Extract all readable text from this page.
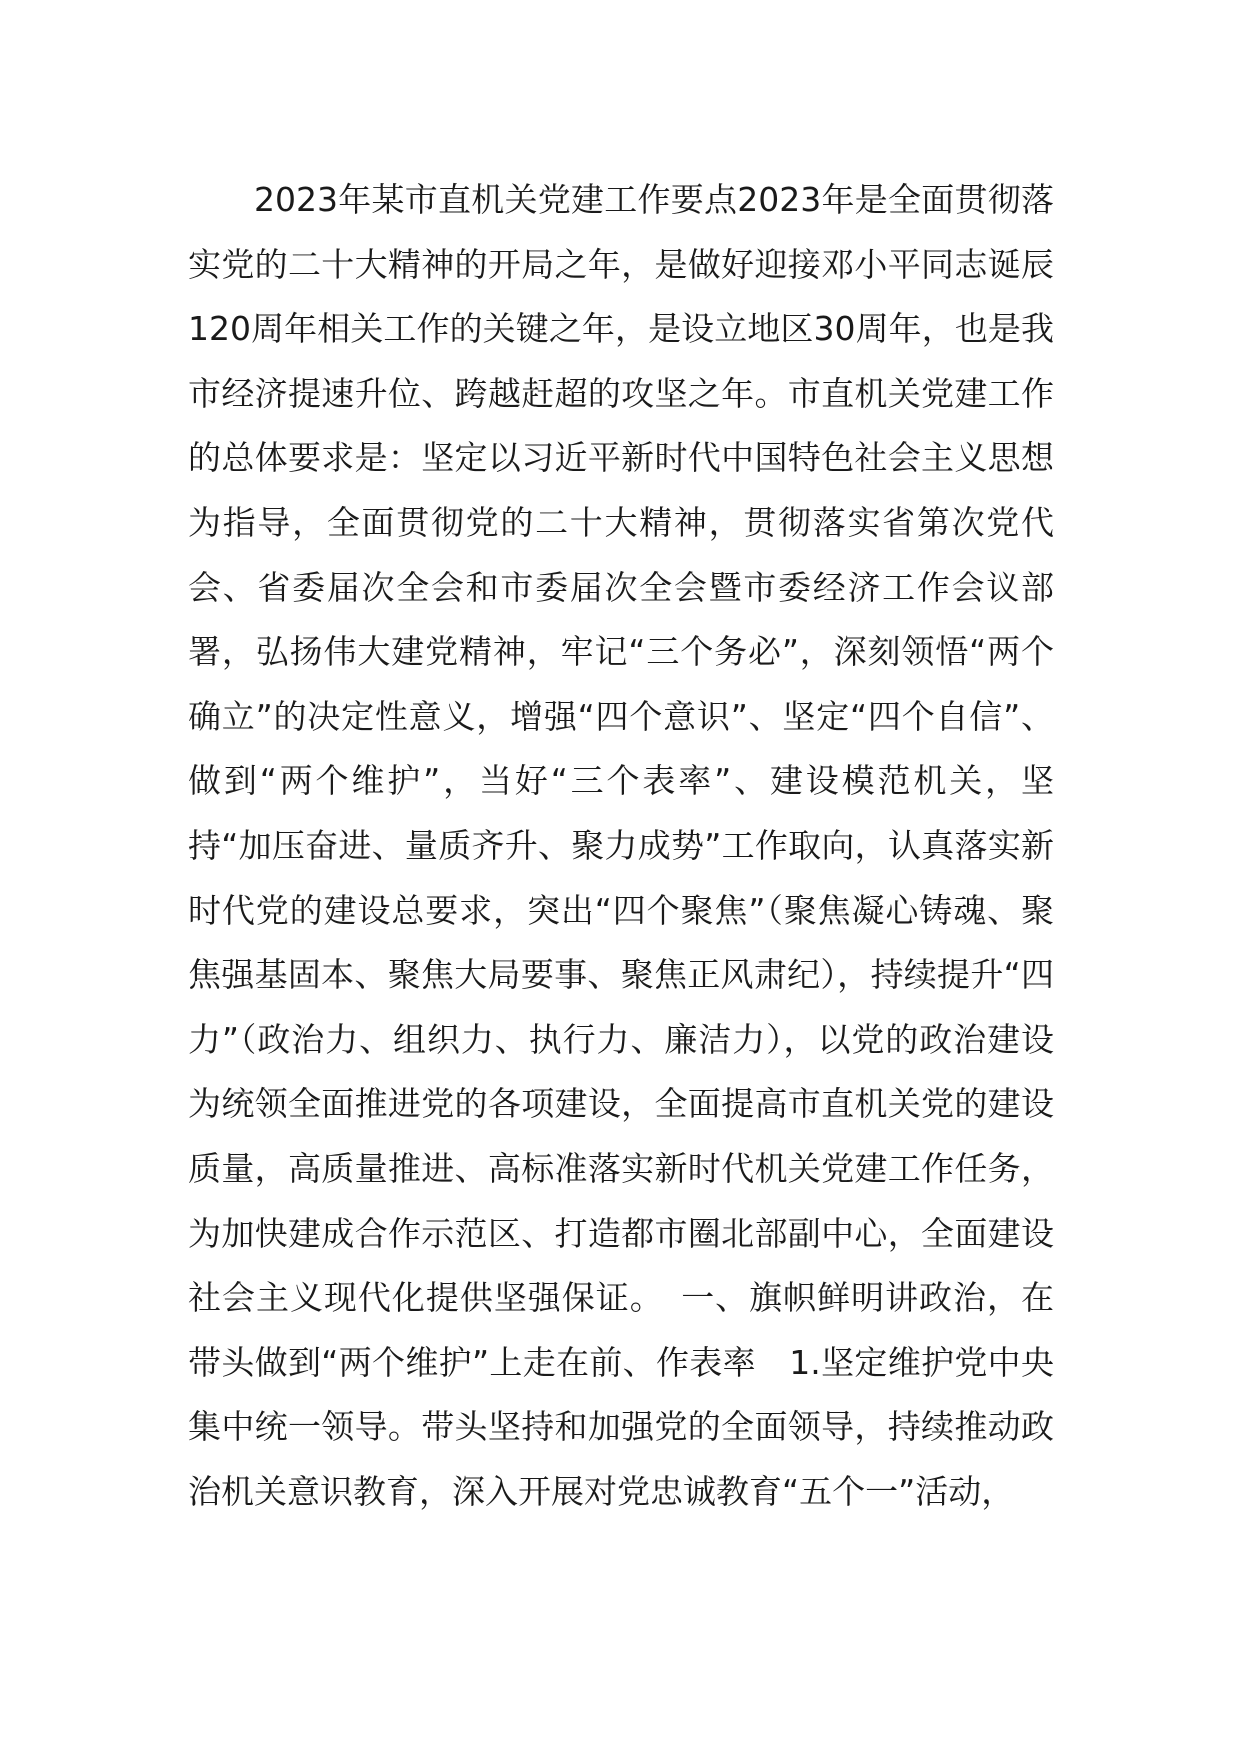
2023年某市直机关党建工作要点2023年是全面贯彻落实党的二十大精神的开局之年，是做好迎接邓小平同志诞辰120周年相关工作的关键之年，是设立地区30周年，也是我市经济提速升位、跨越赶超的攻坚之年。市直机关党建工作的总体要求是：坚定以习近平新时代中国特色社会主义思想为指导，全面贯彻党的二十大精神，贯彻落实省第次党代会、省委届次全会和市委届次全会暨市委经济工作会议部署，弘扬伟大建党精神，牢记“三个务必”，深刻领悟“两个确立”的决定性意义，增强“四个意识”、坚定“四个自信”、做到“两个维护”，当好“三个表率”、建设模范机关，坚持“加压奋进、量质齐升、聚力成势”工作取向，认真落实新时代党的建设总要求，突出“四个聚焦”（聚焦凝心铸魂、聚焦强基固本、聚焦大局要事、聚焦正风肃纪），持续提升“四力”（政治力、组织力、执行力、廉洁力），以党的政治建设为统领全面推进党的各项建设，全面提高市直机关党的建设质量，高质量推进、高标准落实新时代机关党建工作任务，为加快建成合作示范区、打造都市圈北部副中心，全面建设社会主义现代化提供坚强保证。　一、旗帜鲜明讲政治，在带头做到“两个维护”上走在前、作表率　1.坚定维护党中央集中统一领导。带头坚持和加强党的全面领导，持续推动政治机关意识教育，深入开展对党忠诚教育“五个一”活动，
